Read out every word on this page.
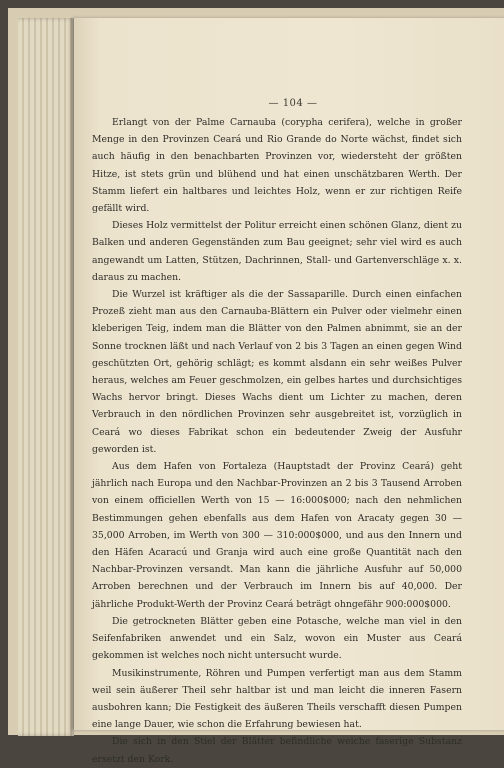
— 104 —

Erlangt von der Palme Carnauba (corypha cerifera), welche in großer Menge in den Provinzen Ceará und Rio Grande do Norte wächst, findet sich auch häufig in den benachbarten Provinzen vor, wiedersteht der größten Hitze, ist stets grün und blühend und hat einen unschätzbaren Werth. Der Stamm liefert ein haltbares und leichtes Holz, wenn er zur richtigen Reife gefällt wird.

Dieses Holz vermittelst der Politur erreicht einen schönen Glanz, dient zu Balken und anderen Gegenständen zum Bau geeignet; sehr viel wird es auch angewandt um Latten, Stützen, Dachrinnen, Stall- und Gartenverschläge x. x. daraus zu machen.

Die Wurzel ist kräftiger als die der Sassaparille. Durch einen einfachen Prozeß zieht man aus den Carnauba-Blättern ein Pulver oder vielmehr einen kleberigen Teig, indem man die Blätter von den Palmen abnimmt, sie an der Sonne trocknen läßt und nach Verlauf von 2 bis 3 Tagen an einen gegen Wind geschützten Ort, gehörig schlägt; es kommt alsdann ein sehr weißes Pulver heraus, welches am Feuer geschmolzen, ein gelbes hartes und durchsichtiges Wachs hervor bringt. Dieses Wachs dient um Lichter zu machen, deren Verbrauch in den nördlichen Provinzen sehr ausgebreitet ist, vorzüglich in Ceará wo dieses Fabrikat schon ein bedeutender Zweig der Ausfuhr geworden ist.

Aus dem Hafen von Fortaleza (Hauptstadt der Provinz Ceará) geht jährlich nach Europa und den Nachbar-Provinzen an 2 bis 3 Tausend Arroben von einem officiellen Werth von 15 — 16:000$000; nach den nehmlichen Bestimmungen gehen ebenfalls aus dem Hafen von Aracaty gegen 30 — 35,000 Arroben, im Werth von 300 — 310:000$000, und aus den Innern und den Häfen Acaracú und Granja wird auch eine große Quantität nach den Nachbar-Provinzen versandt. Man kann die jährliche Ausfuhr auf 50,000 Arroben berechnen und der Verbrauch im Innern bis auf 40,000. Der jährliche Produkt-Werth der Provinz Ceará beträgt ohngefähr 900:000$000.

Die getrockneten Blätter geben eine Potasche, welche man viel in den Seifenfabriken anwendet und ein Salz, wovon ein Muster aus Ceará gekommen ist welches noch nicht untersucht wurde.

Musikinstrumente, Röhren und Pumpen verfertigt man aus dem Stamm weil sein äußerer Theil sehr haltbar ist und man leicht die inneren Fasern ausbohren kann; Die Festigkeit des äußeren Theils verschafft diesen Pumpen eine lange Dauer, wie schon die Erfahrung bewiesen hat.

Die sich in den Stiel der Blätter befindliche weiche faserige Substanz ersetzt den Kork.
